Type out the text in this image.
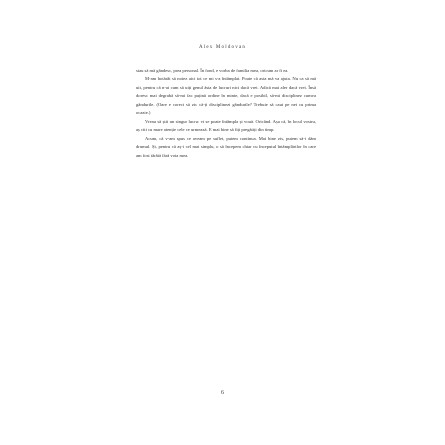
Alex Moldovan

stau să mă gândesc, prea personal. În fond, e vorba de familia mea, oricum ar fi ea.

M-am hotărât să notez aici tot ce mi s-a întâmplat. Poate că asta mă va ajuta. Nu ca să mă uit, pentru că n-ai cum să uiți genul ăsta de lucruri nici dacă vrei. Adică mai aler dacă vrei. Însă doresc mai degrabă să-mi fac puțină ordine în minte, dacă e posibil, să-mi disciplinez cumva gândurile. (Oare e corect să zic că-ți disciplinezi gândurile? Trebuie să caut pe net cu prima ocazie.)

Vreau să știi un singur lucru: vi se poate întâmpla și vouă. Oricând. Așa că, în locul vostru, aș citi cu mare atenție cele ce urmează. E mai bine să fiți pregătiți din timp.

Acum, că v-am spus ce aveam pe suflet, putem continua. Mai bine zis, putem să-i dăm drumul. Și, pentru că aș-i cel mai simplu, o să începem chiar cu începutul întâmplărilor în care am fost târâtă fără voia mea.

6
